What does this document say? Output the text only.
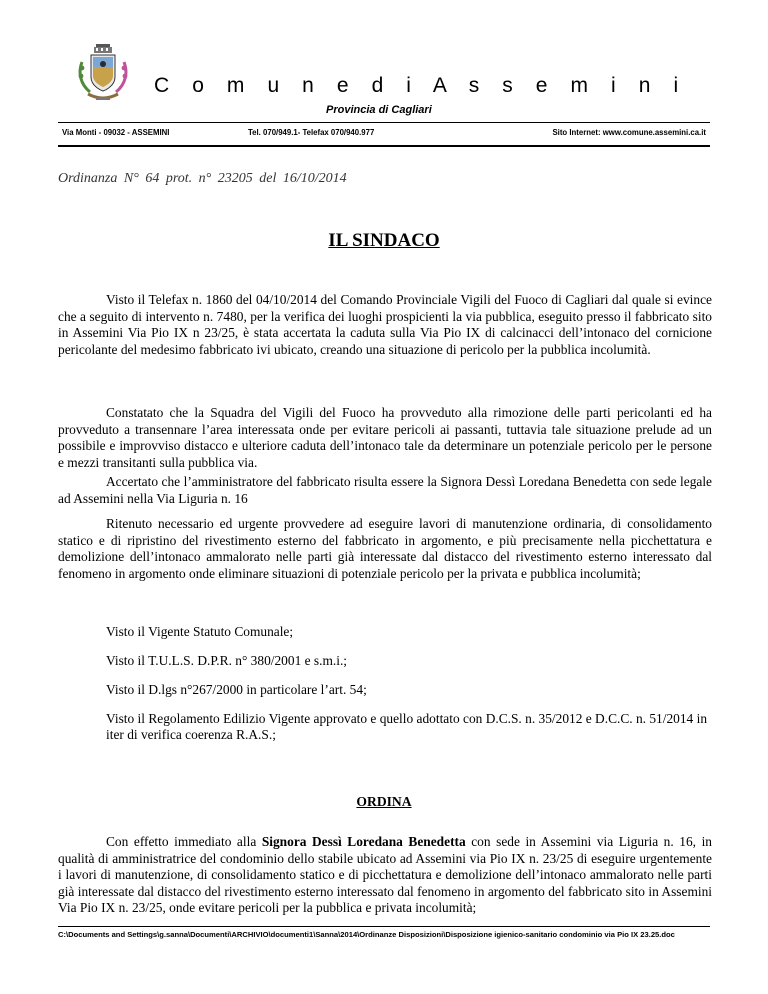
C o m u n e d i A s s e m i n i
Provincia di Cagliari
Via Monti - 09032 - ASSEMINI	Tel. 070/949.1- Telefax 070/940.977	Sito Internet: www.comune.assemini.ca.it
Ordinanza N° 64 prot. n° 23205 del 16/10/2014
IL SINDACO

Visto il Telefax n. 1860 del 04/10/2014 del Comando Provinciale Vigili del Fuoco di Cagliari dal quale si evince che a seguito di intervento n. 7480, per la verifica dei luoghi prospicienti la via pubblica, eseguito presso il fabbricato sito in Assemini Via Pio IX n 23/25, è stata accertata la caduta sulla Via Pio IX di calcinacci dell’intonaco del cornicione pericolante del medesimo fabbricato ivi ubicato, creando una situazione di pericolo per la pubblica incolumità.

Constatato che la Squadra del Vigili del Fuoco ha provveduto alla rimozione delle parti pericolanti ed ha provveduto a transennare l’area interessata onde per evitare pericoli ai passanti, tuttavia tale situazione prelude ad un possibile e improvviso distacco e ulteriore caduta dell’intonaco tale da determinare un potenziale pericolo per le persone e mezzi transitanti sulla pubblica via.

Accertato che l’amministratore del fabbricato risulta essere la Signora Dessì Loredana Benedetta con sede legale ad Assemini nella Via Liguria n. 16

Ritenuto necessario ed urgente provvedere ad eseguire lavori di manutenzione ordinaria, di consolidamento statico e di ripristino del rivestimento esterno del fabbricato in argomento, e più precisamente nella picchettatura e demolizione dell’intonaco ammalorato nelle parti già interessate dal distacco del rivestimento esterno interessato dal fenomeno in argomento onde eliminare situazioni di potenziale pericolo per la privata e pubblica incolumità;

Visto il Vigente Statuto Comunale;

Visto il T.U.L.S. D.P.R. n° 380/2001 e s.m.i.;

Visto il D.lgs n°267/2000 in particolare l’art. 54;

Visto il Regolamento Edilizio Vigente approvato e quello adottato con D.C.S. n. 35/2012 e D.C.C. n. 51/2014 in iter di verifica coerenza R.A.S.;

ORDINA

Con effetto immediato alla Signora Dessì Loredana Benedetta con sede in Assemini via Liguria n. 16, in qualità di amministratrice del condominio dello stabile ubicato ad Assemini via Pio IX n. 23/25 di eseguire urgentemente i lavori di manutenzione, di consolidamento statico e di picchettatura e demolizione dell’intonaco ammalorato nelle parti già interessate dal distacco del rivestimento esterno interessato dal fenomeno in argomento del fabbricato sito in Assemini Via Pio IX n. 23/25, onde evitare pericoli per la pubblica e privata incolumità;

C:\Documents and Settings\g.sanna\Documenti\ARCHIVIO\documenti1\Sanna\2014\Ordinanze Disposizioni\Disposizione igienico-sanitario condominio via Pio IX 23.25.doc
